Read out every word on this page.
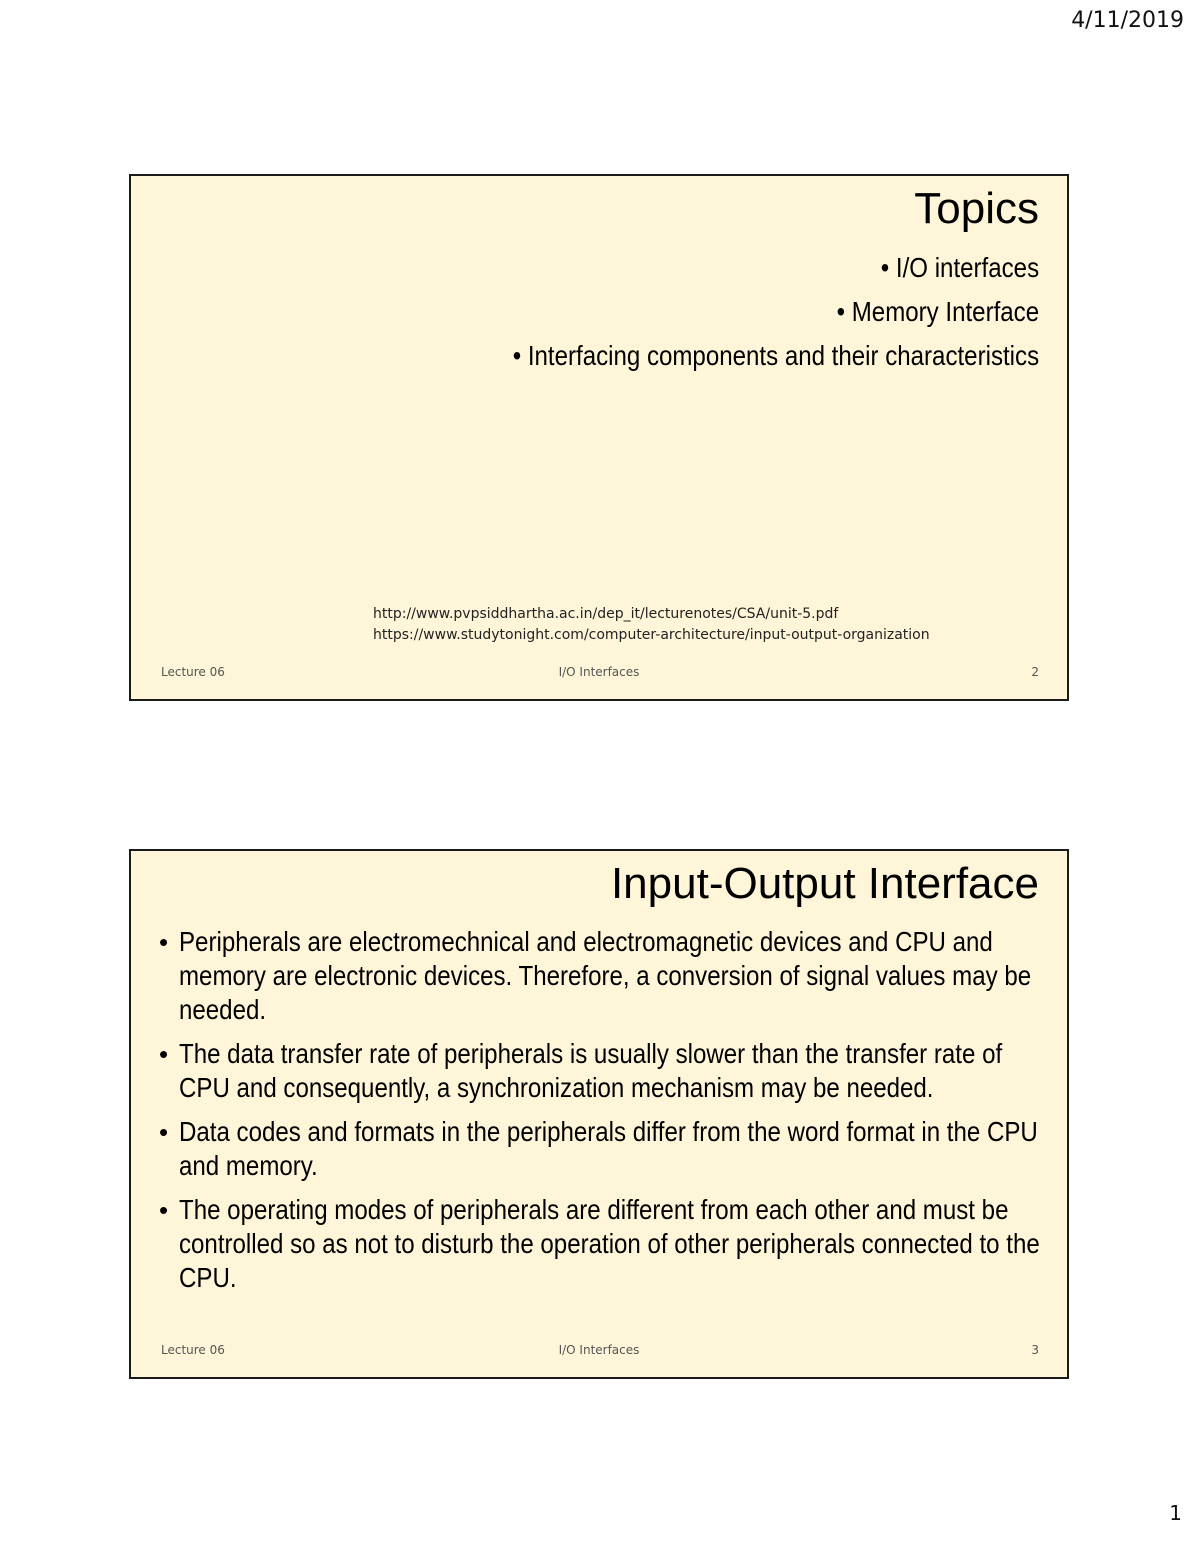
4/11/2019
Topics
• I/O interfaces
• Memory Interface
• Interfacing components and their characteristics
http://www.pvpsiddhartha.ac.in/dep_it/lecturenotes/CSA/unit-5.pdf
https://www.studytonight.com/computer-architecture/input-output-organization
Lecture 06	I/O Interfaces	2
Input-Output Interface
• Peripherals are electromechnical and electromagnetic devices and CPU and memory are electronic devices. Therefore, a conversion of signal values may be needed.
• The data transfer rate of peripherals is usually slower than the transfer rate of CPU and consequently, a synchronization mechanism may be needed.
• Data codes and formats in the peripherals differ from the word format in the CPU and memory.
• The operating modes of peripherals are different from each other and must be controlled so as not to disturb the operation of other peripherals connected to the CPU.
Lecture 06	I/O Interfaces	3
1
